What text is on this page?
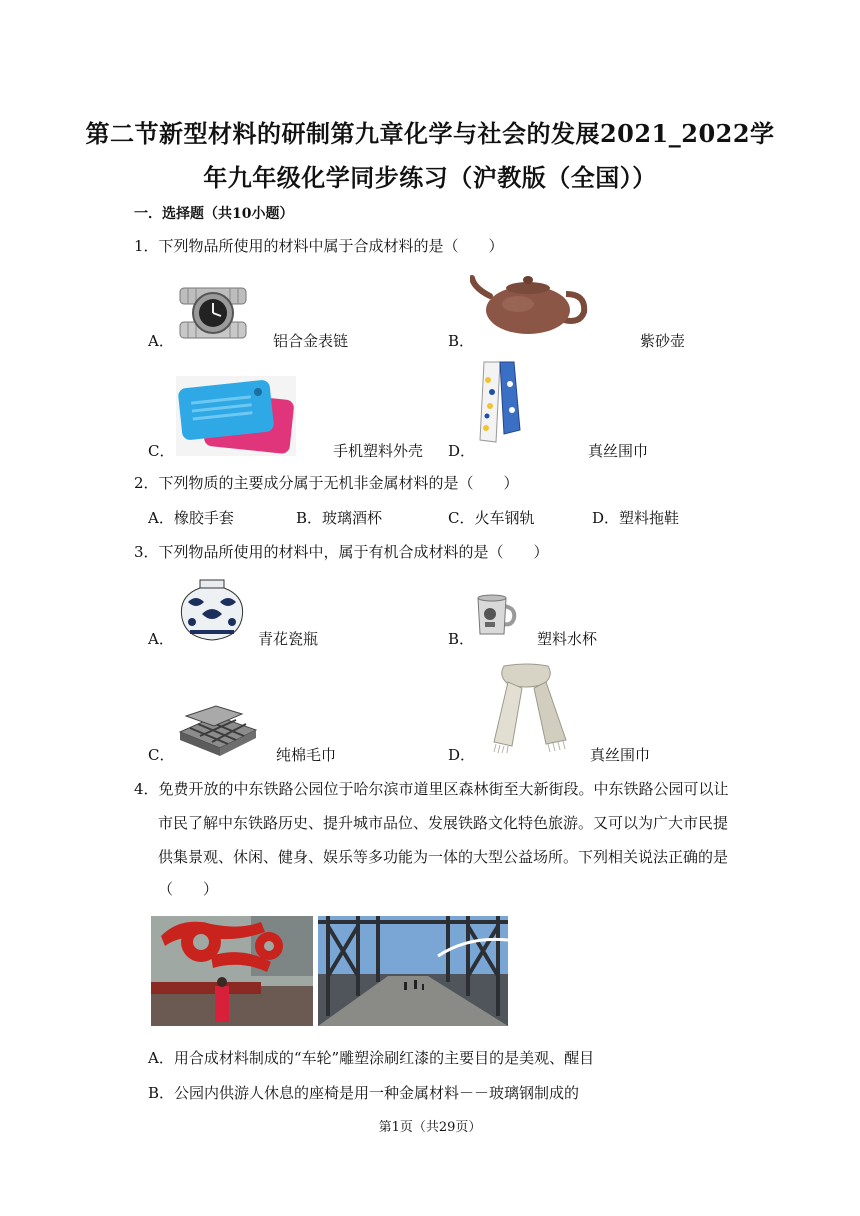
第二节新型材料的研制第九章化学与社会的发展2021_2022学
年九年级化学同步练习（沪教版（全国））
一．选择题（共10小题）
1．下列物品所使用的材料中属于合成材料的是（　　）
A．	铝合金表链	B．	紫砂壶
C．	手机塑料外壳 D．	真丝围巾
2．下列物质的主要成分属于无机非金属材料的是（　　）
A．橡胶手套	B．玻璃酒杯	C．火车钢轨	D．塑料拖鞋
3．下列物品所使用的材料中，属于有机合成材料的是（　　）
A．	青花瓷瓶	B．	塑料水杯
C．	纯棉毛巾	D．	真丝围巾
4．免费开放的中东铁路公园位于哈尔滨市道里区森林街至大新街段。中东铁路公园可以让
市民了解中东铁路历史、提升城市品位、发展铁路文化特色旅游。又可以为广大市民提
供集景观、休闲、健身、娱乐等多功能为一体的大型公益场所。下列相关说法正确的是
（　　）
A．用合成材料制成的“车轮”雕塑涂刷红漆的主要目的是美观、醒目
B．公园内供游人休息的座椅是用一种金属材料－－玻璃钢制成的
第1页（共29页）
